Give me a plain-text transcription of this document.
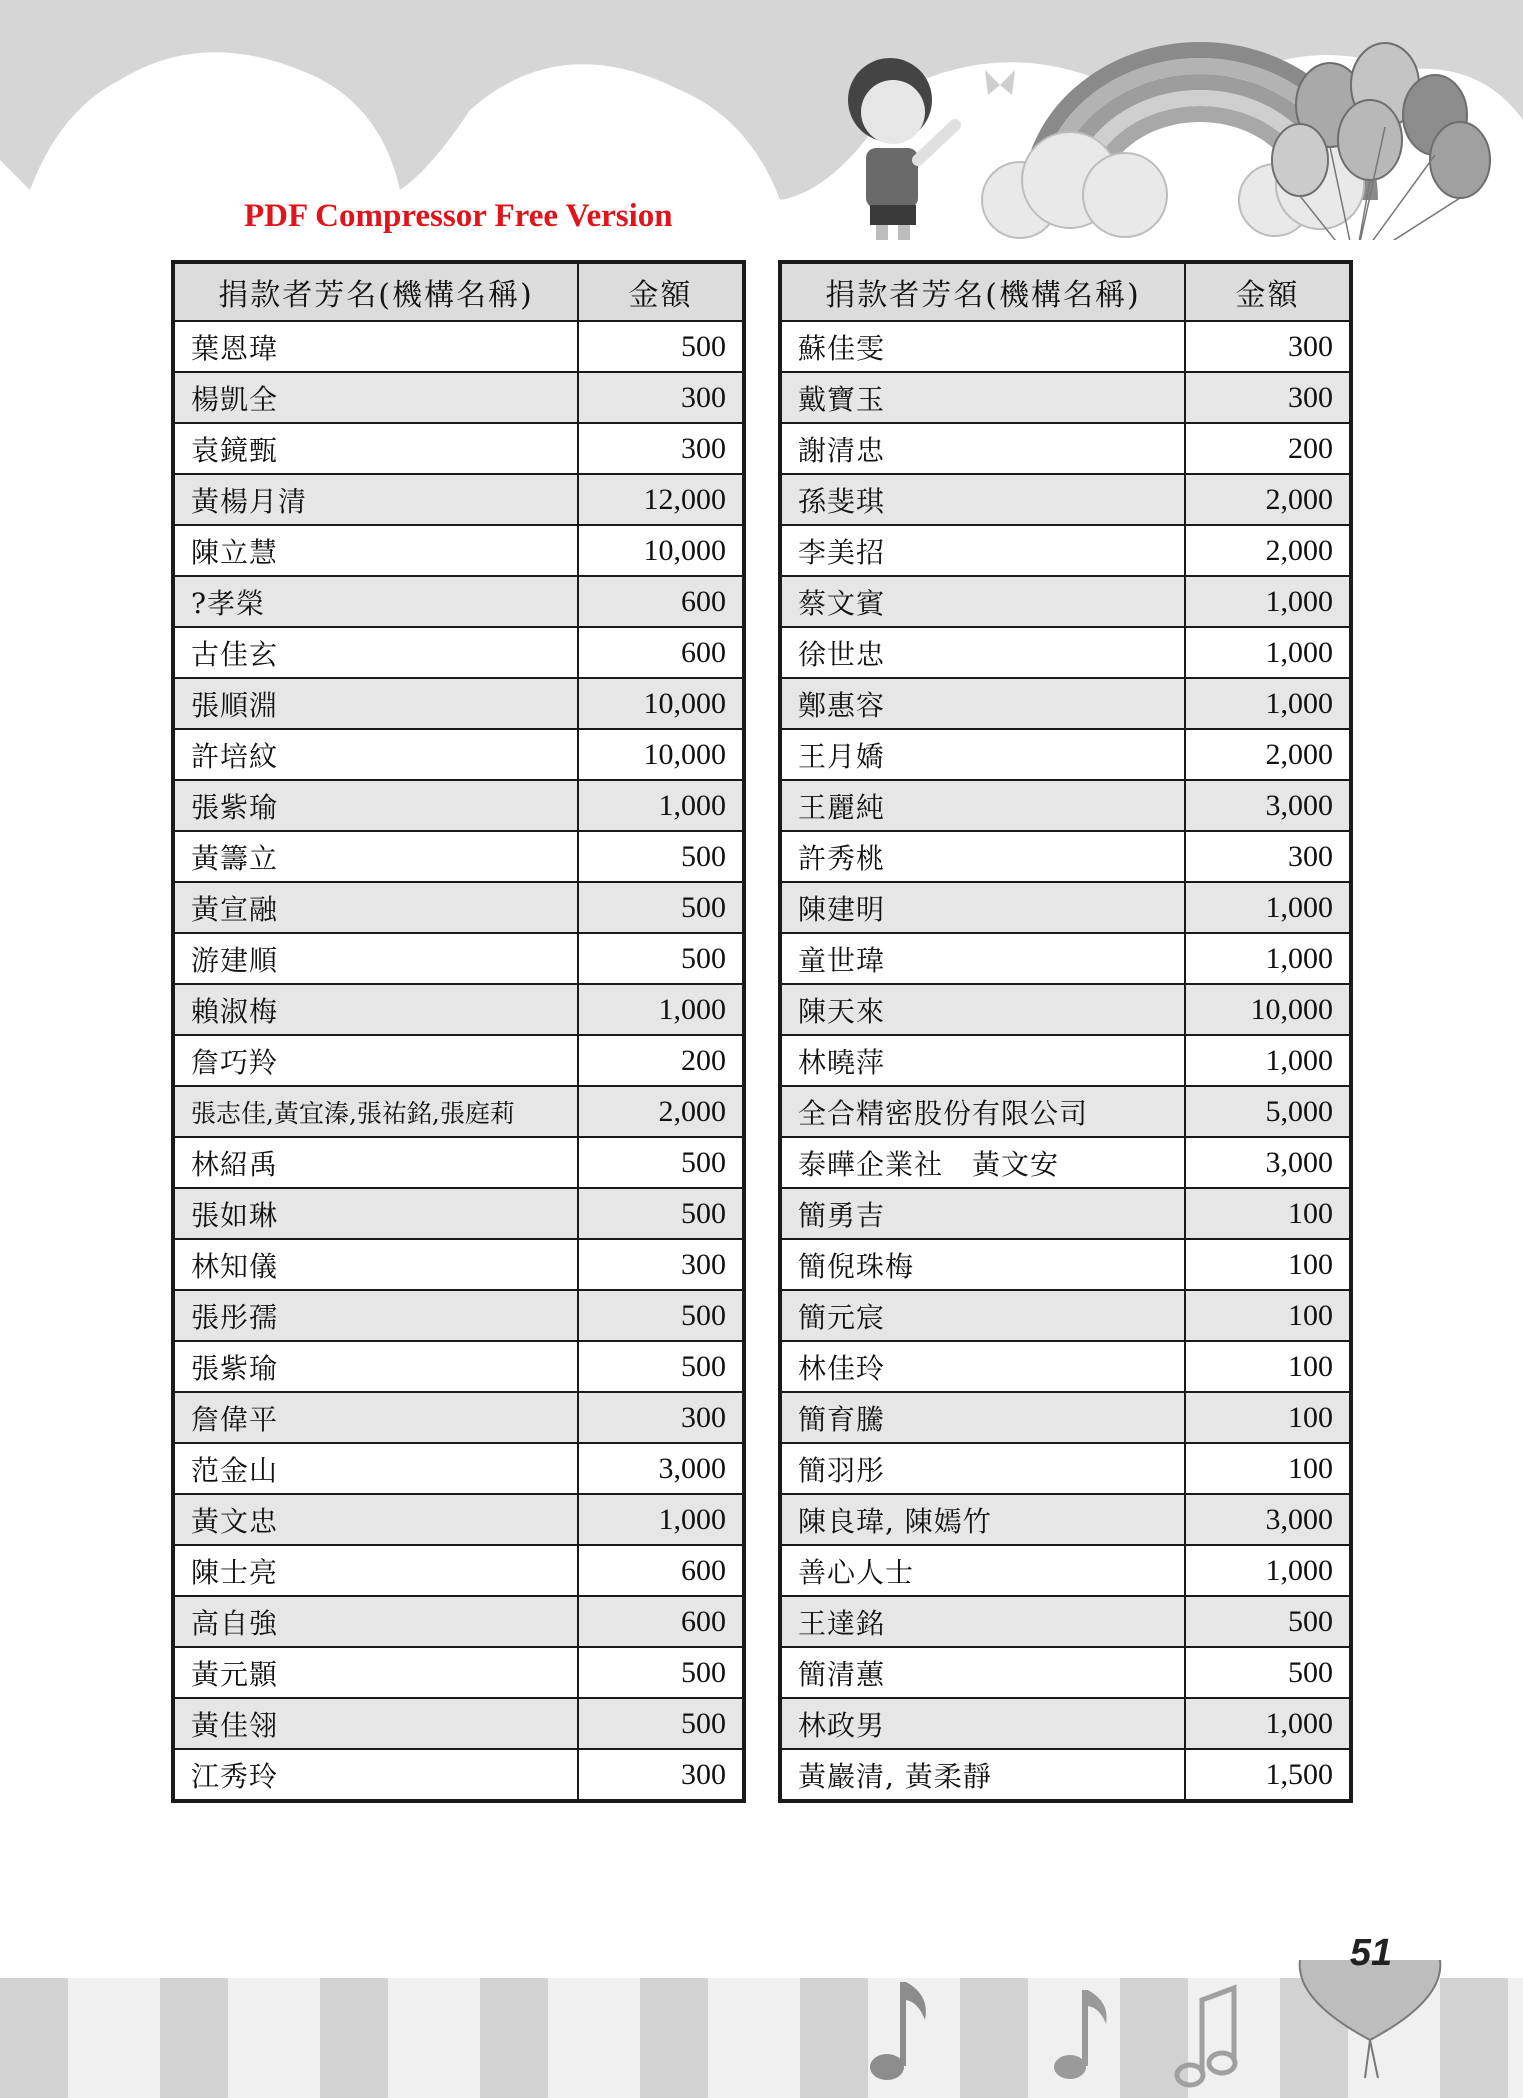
PDF Compressor Free Version
捐款者芳名(機構名稱)	金額
葉恩瑋	500
楊凱全	300
袁鏡甄	300
黃楊月清	12,000
陳立慧	10,000
?孝榮	600
古佳玄	600
張順淵	10,000
許培紋	10,000
張紫瑜	1,000
黃籌立	500
黃宣融	500
游建順	500
賴淑梅	1,000
詹巧羚	200
張志佳,黃宜溱,張祐銘,張庭莉	2,000
林紹禹	500
張如琳	500
林知儀	300
張彤孺	500
張紫瑜	500
詹偉平	300
范金山	3,000
黃文忠	1,000
陳士亮	600
高自強	600
黃元顥	500
黃佳翎	500
江秀玲	300
捐款者芳名(機構名稱)	金額
蘇佳雯	300
戴寶玉	300
謝清忠	200
孫斐琪	2,000
李美招	2,000
蔡文賓	1,000
徐世忠	1,000
鄭惠容	1,000
王月嬌	2,000
王麗純	3,000
許秀桃	300
陳建明	1,000
童世瑋	1,000
陳天來	10,000
林曉萍	1,000
全合精密股份有限公司	5,000
泰曄企業社　黃文安	3,000
簡勇吉	100
簡倪珠梅	100
簡元宸	100
林佳玲	100
簡育騰	100
簡羽彤	100
陳良瑋, 陳嫣竹	3,000
善心人士	1,000
王達銘	500
簡清蕙	500
林政男	1,000
黃巖清, 黃柔靜	1,500
51
